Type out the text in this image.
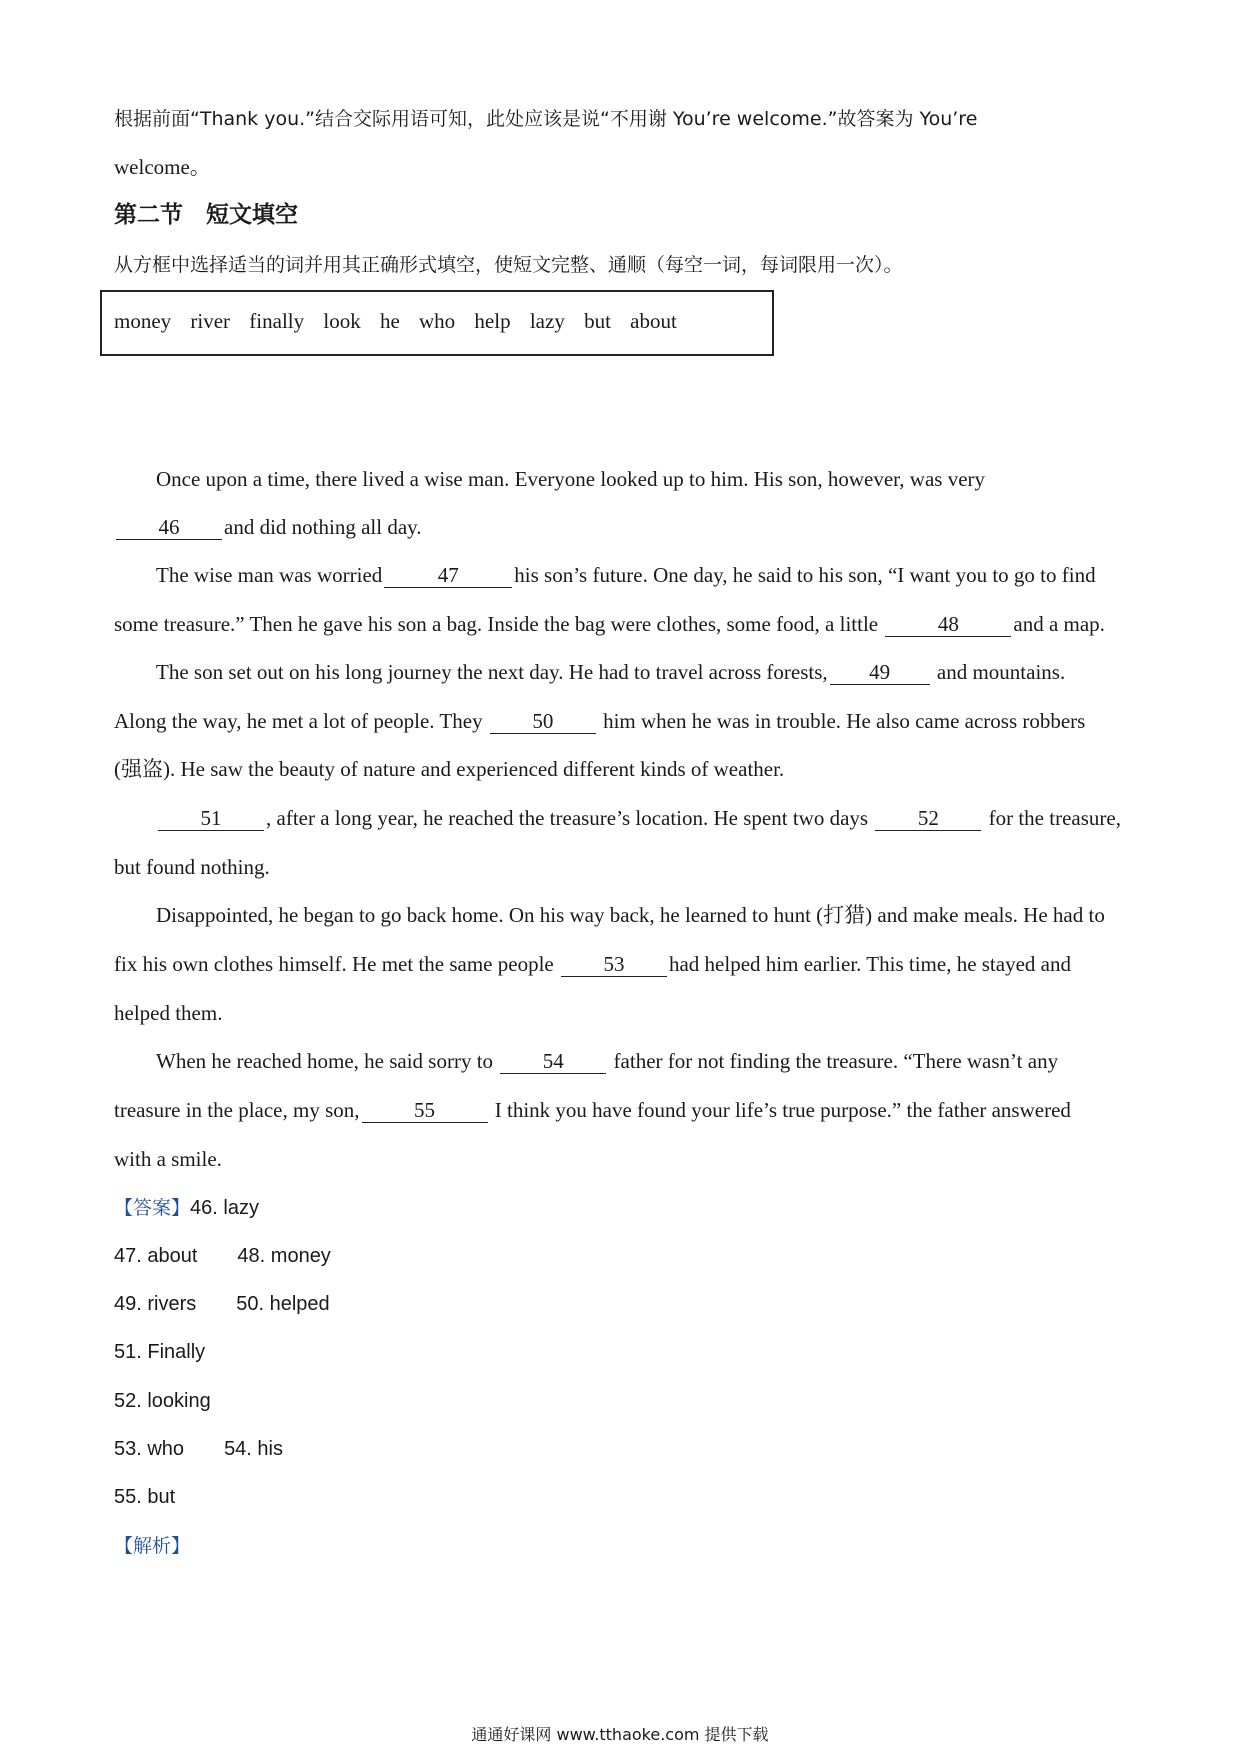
根据前面“Thank you.”结合交际用语可知，此处应该是说“不用谢 You’re welcome.”故答案为 You’re
welcome。
第二节　短文填空
从方框中选择适当的词并用其正确形式填空，使短文完整、通顺（每空一词，每词限用一次）。
money river finally look he who help lazy but about
Once upon a time, there lived a wise man. Everyone looked up to him. His son, however, was very
46 and did nothing all day.
The wise man was worried	47	his son’s future. One day, he said to his son, “I want you to go to find
some treasure.” Then he gave his son a bag. Inside the bag were clothes, some food, a little	48	and a map.
The son set out on his long journey the next day. He had to travel across forests, 49 and mountains.
Along the way, he met a lot of people. They 50 him when he was in trouble. He also came across robbers
(强盗). He saw the beauty of nature and experienced different kinds of weather.
51 , after a long year, he reached the treasure’s location. He spent two days 52 for the treasure,
but found nothing.
Disappointed, he began to go back home. On his way back, he learned to hunt (打猎) and make meals. He had to
fix his own clothes himself. He met the same people 53 had helped him earlier. This time, he stayed and
helped them.
When he reached home, he said sorry to 54 father for not finding the treasure. “There wasn’t any
treasure in the place, my son,	55	I think you have found your life’s true purpose.” the father answered
with a smile.
【答案】46. lazy
47. about 48. money
49. rivers 50. helped
51. Finally
52. looking
53. who 54. his
55. but
【解析】
通通好课网 www.tthaoke.com 提供下载
